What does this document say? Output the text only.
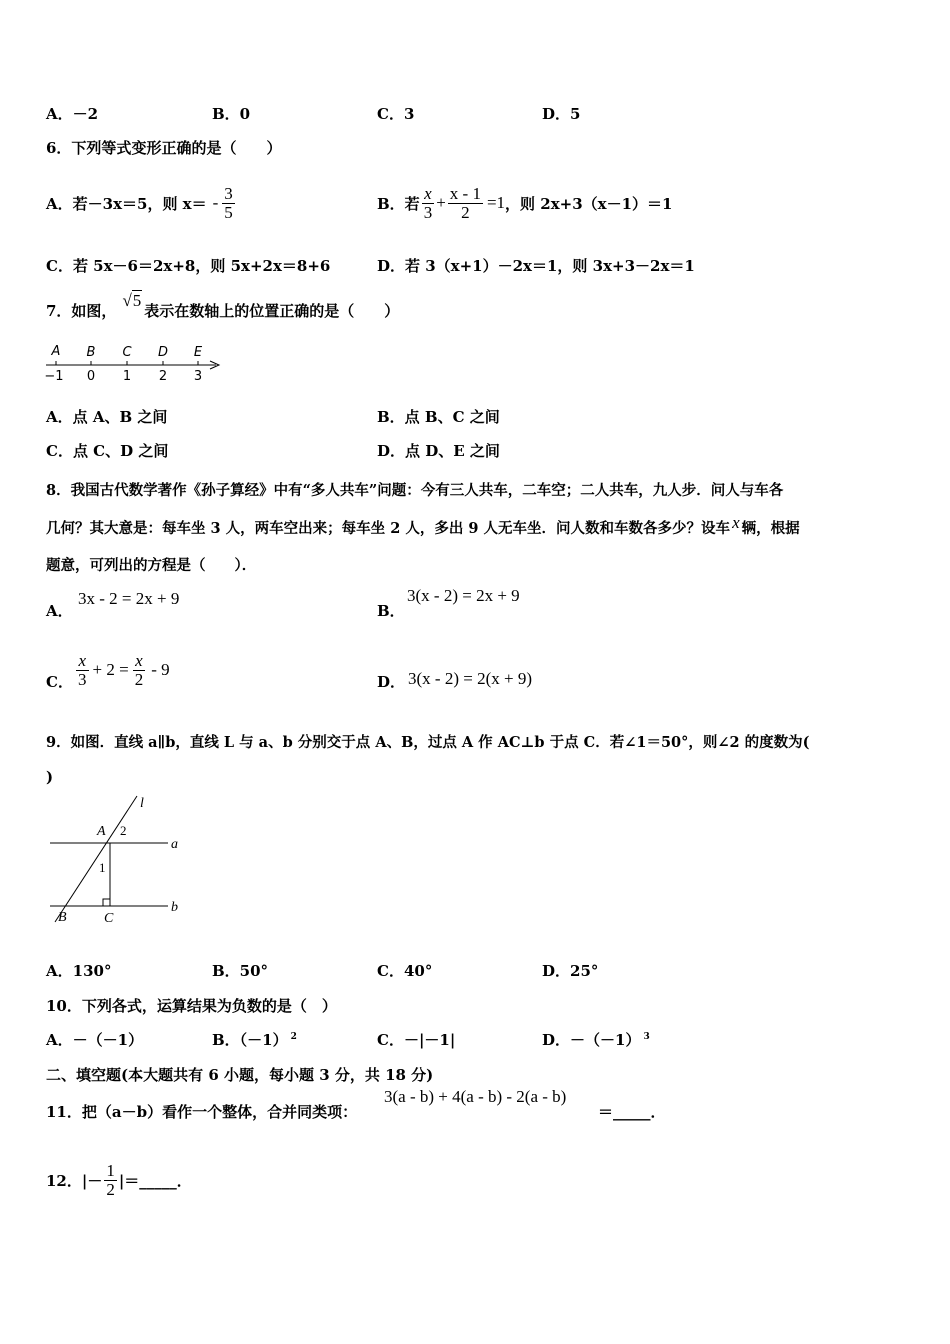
A．－2	B．0	C．3	D．5
6．下列等式变形正确的是（　　）
A．若－3x＝5，则 $x= - \frac{3}{5}$	B．若 $\frac{x}{3} + \frac{x - 1}{2} =1$ ，则 2x+3（x－1）＝1
C．若 5x－6＝2x+8，则 5x+2x＝8+6	D．若 3（x+1）－2x＝1，则 3x+3－2x＝1
7．如图，
√5
表示在数轴上的位置正确的是（　　）
A B C D E
−1 0 1 2 3
A．点 A、B 之间	B．点 B、C 之间
C．点 C、D 之间	D．点 D、E 之间
8．我国古代数学著作《孙子算经》中有“多人共车”问题：今有三人共车，二车空；二人共车，九人步．问人与车各
几何？其大意是：每车坐 3 人，两车空出来；每车坐 2 人，多出 9 人无车坐．问人数和车数各多少？设车 x 辆，根据
题意，可列出的方程是（　　）．
A．
3x - 2 = 2x + 9
B．
3(x - 2) = 2x + 9
C． $\frac{x}{3} + 2 = \frac{x}{2} - 9$
D． 3(x - 2) = 2(x + 9)
9．如图．直线 a∥b，直线 L 与 a、b 分别交于点 A、B，过点 A 作 AC⊥b 于点 C．若∠1＝50°，则∠2 的度数为(
)
l
A 2
a
1
B	C
b
A．130°	B．50°	C．40°	D．25°
10．下列各式，运算结果为负数的是（　）
A．－（－1）	B．（－1） $^2$	C．－|－1|	D．－（－1） $^3$
二、填空题(本大题共有 6 小题，每小题 3 分，共 18 分)
11．把（a－b）看作一个整体，合并同类项：
3(a - b) + 4(a - b) - 2(a - b)
＝_____．
12．|－ $\frac{1}{2}$ |＝_____．
